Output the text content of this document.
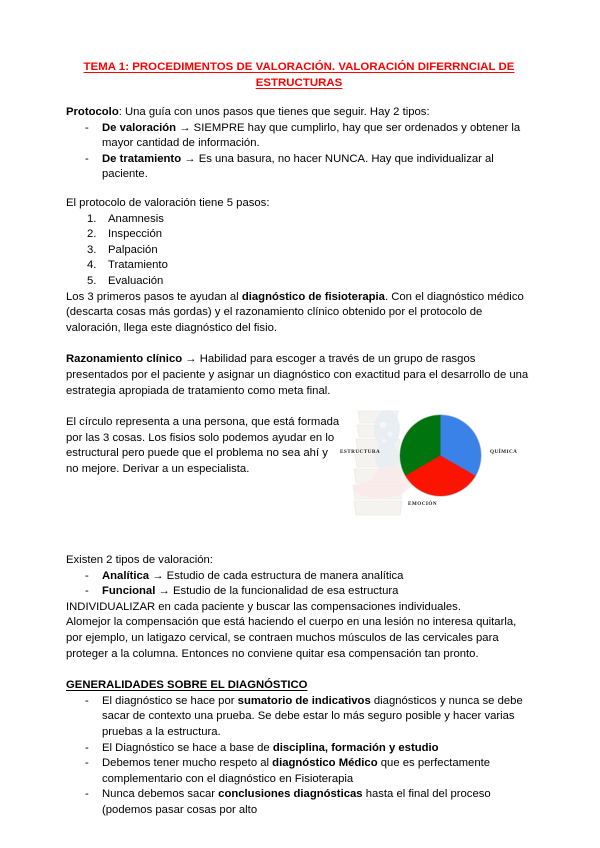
TEMA 1: PROCEDIMENTOS DE VALORACIÓN. VALORACIÓN DIFERRNCIAL DE ESTRUCTURAS

Protocolo: Una guía con unos pasos que tienes que seguir. Hay 2 tipos:

- De valoración → SIEMPRE hay que cumplirlo, hay que ser ordenados y obtener la mayor cantidad de información.
- De tratamiento → Es una basura, no hacer NUNCA. Hay que individualizar al paciente.

El protocolo de valoración tiene 5 pasos:

Anamnesis
Inspección
Palpación
Tratamiento
Evaluación

Los 3 primeros pasos te ayudan al diagnóstico de fisioterapia. Con el diagnóstico médico (descarta cosas más gordas) y el razonamiento clínico obtenido por el protocolo de valoración, llega este diagnóstico del fisio.

Razonamiento clínico → Habilidad para escoger a través de un grupo de rasgos presentados por el paciente y asignar un diagnóstico con exactitud para el desarrollo de una estrategia apropiada de tratamiento como meta final.

El círculo representa a una persona, que está formada por las 3 cosas. Los fisios solo podemos ayudar en lo estructural pero puede que el problema no sea ahí y no mejore. Derivar a un especialista.
ESTRUCTURA	QUÍMICA
EMOCIÓN

Existen 2 tipos de valoración:

- Analítica → Estudio de cada estructura de manera analítica
- Funcional → Estudio de la funcionalidad de esa estructura

INDIVIDUALIZAR en cada paciente y buscar las compensaciones individuales.

Alomejor la compensación que está haciendo el cuerpo en una lesión no interesa quitarla, por ejemplo, un latigazo cervical, se contraen muchos músculos de las cervicales para proteger a la columna. Entonces no conviene quitar esa compensación tan pronto.

GENERALIDADES SOBRE EL DIAGNÓSTICO
- El diagnóstico se hace por sumatorio de indicativos diagnósticos y nunca se debe sacar de contexto una prueba. Se debe estar lo más seguro posible y hacer varias pruebas a la estructura.
- El Diagnóstico se hace a base de disciplina, formación y estudio
- Debemos tener mucho respeto al diagnóstico Médico que es perfectamente complementario con el diagnóstico en Fisioterapia
- Nunca debemos sacar conclusiones diagnósticas hasta el final del proceso (podemos pasar cosas por alto
